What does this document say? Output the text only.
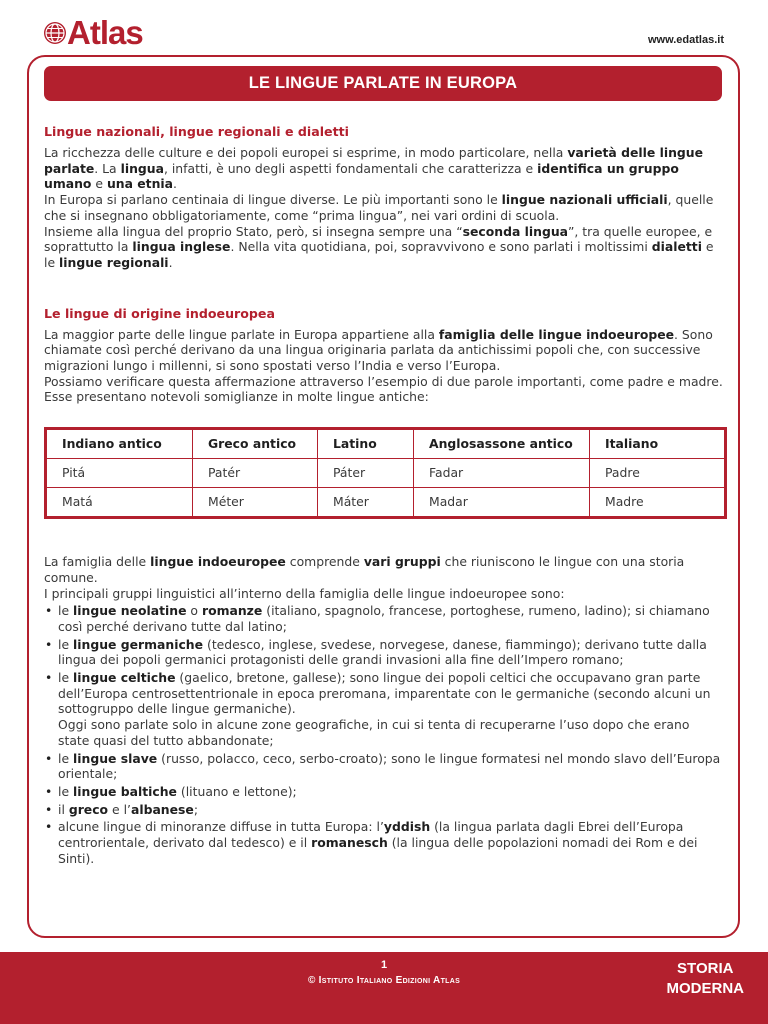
Atlas	www.edatlas.it
LE LINGUE PARLATE IN EUROPA
Lingue nazionali, lingue regionali e dialetti

La ricchezza delle culture e dei popoli europei si esprime, in modo particolare, nella varietà delle lingue parlate. La lingua, infatti, è uno degli aspetti fondamentali che caratterizza e identifica un gruppo umano e una etnia.

In Europa si parlano centinaia di lingue diverse. Le più importanti sono le lingue nazionali ufficiali, quelle che si insegnano obbligatoriamente, come “prima lingua”, nei vari ordini di scuola.

Insieme alla lingua del proprio Stato, però, si insegna sempre una “seconda lingua”, tra quelle europee, e soprattutto la lingua inglese. Nella vita quotidiana, poi, sopravvivono e sono parlati i moltissimi dialetti e le lingue regionali.

Le lingue di origine indoeuropea

La maggior parte delle lingue parlate in Europa appartiene alla famiglia delle lingue indoeuropee. Sono chiamate così perché derivano da una lingua originaria parlata da antichissimi popoli che, con successive migrazioni lungo i millenni, si sono spostati verso l’India e verso l’Europa.

Possiamo verificare questa affermazione attraverso l’esempio di due parole importanti, come padre e madre.

Esse presentano notevoli somiglianze in molte lingue antiche:

Indiano antico	Greco antico	Latino	Anglosassone antico	Italiano
Pitá	Patér	Páter	Fadar	Padre
Matá	Méter	Máter	Madar	Madre

La famiglia delle lingue indoeuropee comprende vari gruppi che riuniscono le lingue con una storia comune.

I principali gruppi linguistici all’interno della famiglia delle lingue indoeuropee sono:

• le lingue neolatine o romanze (italiano, spagnolo, francese, portoghese, rumeno, ladino); si chiamano così perché derivano tutte dal latino;
• le lingue germaniche (tedesco, inglese, svedese, norvegese, danese, fiammingo); derivano tutte dalla lingua dei popoli germanici protagonisti delle grandi invasioni alla fine dell’Impero romano;
• le lingue celtiche (gaelico, bretone, gallese); sono lingue dei popoli celtici che occupavano gran parte dell’Europa centrosettentrionale in epoca preromana, imparentate con le germaniche (secondo alcuni un sottogruppo delle lingue germaniche).
Oggi sono parlate solo in alcune zone geografiche, in cui si tenta di recuperarne l’uso dopo che erano state quasi del tutto abbandonate;
• le lingue slave (russo, polacco, ceco, serbo-croato); sono le lingue formatesi nel mondo slavo dell’Europa orientale;
• le lingue baltiche (lituano e lettone);
• il greco e l’albanese;
• alcune lingue di minoranze diffuse in tutta Europa: l’yddish (la lingua parlata dagli Ebrei dell’Europa centrorientale, derivato dal tedesco) e il romanesch (la lingua delle popolazioni nomadi dei Rom e dei Sinti).
1
© Istituto Italiano Edizioni Atlas
STORIA
MODERNA
